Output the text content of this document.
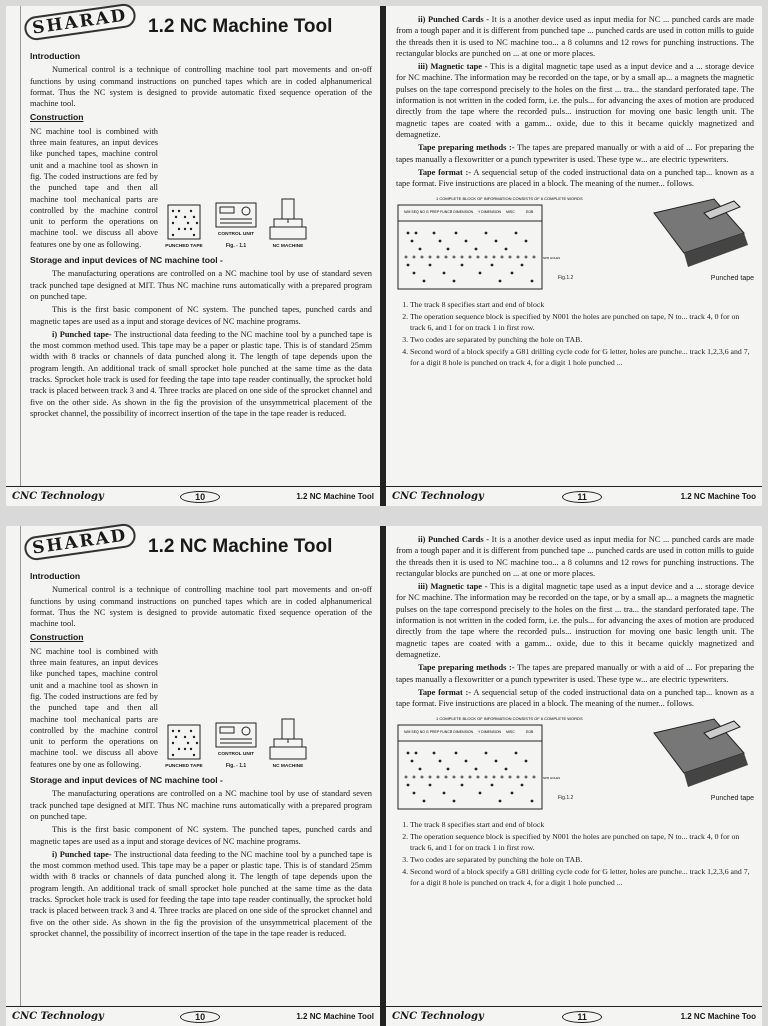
SHARAD	1.2 NC Machine Tool
Introduction

Numerical control is a technique of controlling machine tool part movements and on-off functions by using command instructions on punched tapes which are in coded alphanumerical format. Thus the NC system is designed to provide automatic fixed sequence operation of the machine tool.

Construction

NC machine tool is combined with three main features, an input devices like punched tapes, machine control unit and a machine tool as shown in fig. The coded instructions are fed by the punched tape and then all machine tool mechanical parts are controlled by the machine control unit to perform the operations on machine tool. we discuss all above features one by one as following.	PUNCHED TAPE
CONTROL UNIT
Fig. - 1.1	NC MACHINE
Storage and input devices of NC machine tool -

The manufacturing operations are controlled on a NC machine tool by use of standard seven track punched tape designed at MIT. Thus NC machine runs automatically with a prepared program on punched tape.

This is the first basic component of NC system. The punched tapes, punched cards and magnetic tapes are used as a input and storage devices of NC machine programs.

i) Punched tape- The instructional data feeding to the NC machine tool by a punched tape is the most common method used. This tape may be a paper or plastic tape. This is of standard 25mm width with 8 tracks or channels of data punched along it. The length of tape depends upon the program length. An additional track of small sprocket hole punched at the same time as the data tracks. Sprocket hole track is used for feeding the tape into tape reader continually, the sprocket hold track is placed between track 3 and 4. Three tracks are placed on one side of the sprocket channel and five on the other side. As shown in the fig the provision of the unsymmetrical placement of the sprocket channel, the possibility of incorrect insertion of the tape in the tape reader is reduced.

CNC Technology	10	1.2 NC Machine Tool

ii) Punched Cards - It is a another device used as input media for NC ... punched cards are made from a tough paper and it is different from punched tape ... punched cards are used in cotton mills to guide the threads then it is used to NC machine too... a 8 columns and 12 rows for punching instructions. The rectangular blocks are punched on ... at one or more places.

iii) Magnetic tape - This is a digital magnetic tape used as a input device and a ... storage device for NC machine. The information may be recorded on the tape, or by a small ap... a magnets the magnetic pulses on the tape correspond precisely to the holes on the first ... tra... the standard perforated tape. The information is not written in the coded form, i.e. the puls... for advancing the axes of motion are produced directly from the tape where the recorded puls... instruction for moving one basic length unit. The magnetic tapes are coated with a gamm... oxide, due to this it became quickly magnetized and demagnetize.

Tape preparing methods :- The tapes are prepared manually or with a aid of ... For preparing the tapes manually a flexowritter or a punch typewriter is used. These type w... are electric typewriters.

Tape format :- A sequencial setup of the coded instructional data on a punched tap... known as a tape format. Five instructions are placed in a block. The meaning of the numer... follows.

1 COMPLETE BLOCK OF INFORMATION CONSISTS OF 6 COMPLETE WORDS
N/M SEQ NO G PREP FUNCT
X DIMENSION Y DIMENSION MISC	EOB
SPR HOLES
Fig.1.2	Punched tape
1. The track 8 specifies start and end of block
2. The operation sequence block is specified by N001 the holes are punched on tape, N to... track 4, 0 for on track 6, and 1 for on track 1 in first row.
3. Two codes are separated by punching the hole on TAB.
4. Second word of a block specify a G81 drilling cycle code for G letter, holes are punche... track 1,2,3,6 and 7, for a digit 8 hole is punched on track 4, for a digit 1 hole punched ...
CNC Technology	11	1.2 NC Machine Too
SHARAD	1.2 NC Machine Tool
Introduction

Numerical control is a technique of controlling machine tool part movements and on-off functions by using command instructions on punched tapes which are in coded alphanumerical format. Thus the NC system is designed to provide automatic fixed sequence operation of the machine tool.

Construction

NC machine tool is combined with three main features, an input devices like punched tapes, machine control unit and a machine tool as shown in fig. The coded instructions are fed by the punched tape and then all machine tool mechanical parts are controlled by the machine control unit to perform the operations on machine tool. we discuss all above features one by one as following.	PUNCHED TAPE
CONTROL UNIT
Fig. - 1.1	NC MACHINE
Storage and input devices of NC machine tool -

The manufacturing operations are controlled on a NC machine tool by use of standard seven track punched tape designed at MIT. Thus NC machine runs automatically with a prepared program on punched tape.

This is the first basic component of NC system. The punched tapes, punched cards and magnetic tapes are used as a input and storage devices of NC machine programs.

i) Punched tape- The instructional data feeding to the NC machine tool by a punched tape is the most common method used. This tape may be a paper or plastic tape. This is of standard 25mm width with 8 tracks or channels of data punched along it. The length of tape depends upon the program length. An additional track of small sprocket hole punched at the same time as the data tracks. Sprocket hole track is used for feeding the tape into tape reader continually, the sprocket hold track is placed between track 3 and 4. Three tracks are placed on one side of the sprocket channel and five on the other side. As shown in the fig the provision of the unsymmetrical placement of the sprocket channel, the possibility of incorrect insertion of the tape in the tape reader is reduced.

CNC Technology	10	1.2 NC Machine Tool

ii) Punched Cards - It is a another device used as input media for NC ... punched cards are made from a tough paper and it is different from punched tape ... punched cards are used in cotton mills to guide the threads then it is used to NC machine too... a 8 columns and 12 rows for punching instructions. The rectangular blocks are punched on ... at one or more places.

iii) Magnetic tape - This is a digital magnetic tape used as a input device and a ... storage device for NC machine. The information may be recorded on the tape, or by a small ap... a magnets the magnetic pulses on the tape correspond precisely to the holes on the first ... tra... the standard perforated tape. The information is not written in the coded form, i.e. the puls... for advancing the axes of motion are produced directly from the tape where the recorded puls... instruction for moving one basic length unit. The magnetic tapes are coated with a gamm... oxide, due to this it became quickly magnetized and demagnetize.

Tape preparing methods :- The tapes are prepared manually or with a aid of ... For preparing the tapes manually a flexowritter or a punch typewriter is used. These type w... are electric typewriters.

Tape format :- A sequencial setup of the coded instructional data on a punched tap... known as a tape format. Five instructions are placed in a block. The meaning of the numer... follows.

1 COMPLETE BLOCK OF INFORMATION CONSISTS OF 6 COMPLETE WORDS
N/M SEQ NO G PREP FUNCT
X DIMENSION Y DIMENSION MISC	EOB
SPR HOLES
Fig.1.2	Punched tape
1. The track 8 specifies start and end of block
2. The operation sequence block is specified by N001 the holes are punched on tape, N to... track 4, 0 for on track 6, and 1 for on track 1 in first row.
3. Two codes are separated by punching the hole on TAB.
4. Second word of a block specify a G81 drilling cycle code for G letter, holes are punche... track 1,2,3,6 and 7, for a digit 8 hole is punched on track 4, for a digit 1 hole punched ...
CNC Technology	11	1.2 NC Machine Too
